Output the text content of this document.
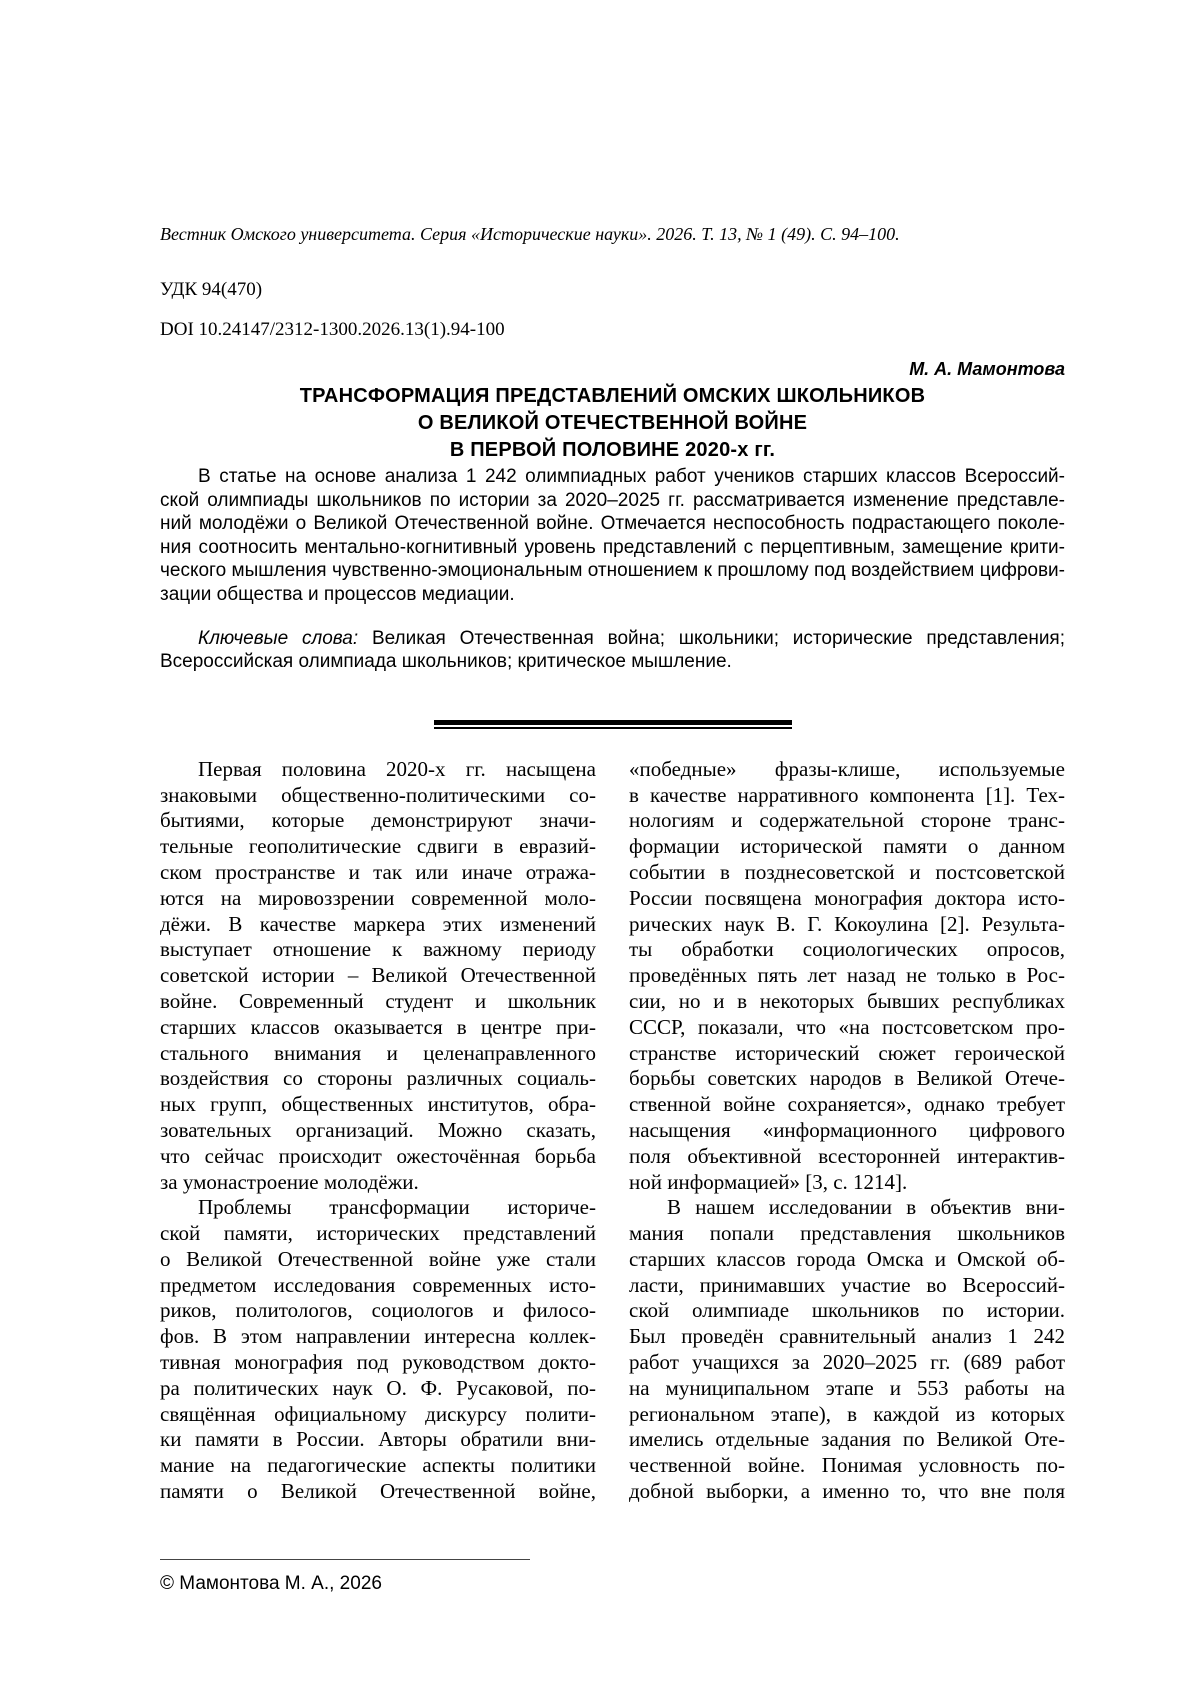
Вестник Омского университета. Серия «Исторические науки». 2026. Т. 13, № 1 (49). С. 94–100.
УДК 94(470)
DOI 10.24147/2312-1300.2026.13(1).94-100
М. А. Мамонтова
ТРАНСФОРМАЦИЯ ПРЕДСТАВЛЕНИЙ ОМСКИХ ШКОЛЬНИКОВ
О ВЕЛИКОЙ ОТЕЧЕСТВЕННОЙ ВОЙНЕ
В ПЕРВОЙ ПОЛОВИНЕ 2020-х гг.
В статье на основе анализа 1 242 олимпиадных работ учеников старших классов Всероссий-
ской олимпиады школьников по истории за 2020–2025 гг. рассматривается изменение представле-
ний молодёжи о Великой Отечественной войне. Отмечается неспособность подрастающего поколе-
ния соотносить ментально-когнитивный уровень представлений с перцептивным, замещение крити-
ческого мышления чувственно-эмоциональным отношением к прошлому под воздействием цифрови-
зации общества и процессов медиации.
Ключевые слова: Великая Отечественная война; школьники; исторические представления;
Всероссийская олимпиада школьников; критическое мышление.
Первая половина 2020-х гг. насыщена
знаковыми общественно-политическими со-
бытиями, которые демонстрируют значи-
тельные геополитические сдвиги в евразий-
ском пространстве и так или иначе отража-
ются на мировоззрении современной моло-
дёжи. В качестве маркера этих изменений
выступает отношение к важному периоду
советской истории – Великой Отечественной
войне. Современный студент и школьник
старших классов оказывается в центре при-
стального внимания и целенаправленного
воздействия со стороны различных социаль-
ных групп, общественных институтов, обра-
зовательных организаций. Можно сказать,
что сейчас происходит ожесточённая борьба
за умонастроение молодёжи.
Проблемы трансформации историче-
ской памяти, исторических представлений
о Великой Отечественной войне уже стали
предметом исследования современных исто-
риков, политологов, социологов и филосо-
фов. В этом направлении интересна коллек-
тивная монография под руководством докто-
ра политических наук О. Ф. Русаковой, по-
свящённая официальному дискурсу полити-
ки памяти в России. Авторы обратили вни-
мание на педагогические аспекты политики
памяти о Великой Отечественной войне,
«победные» фразы-клише, используемые
в качестве нарративного компонента [1]. Тех-
нологиям и содержательной стороне транс-
формации исторической памяти о данном
событии в позднесоветской и постсоветской
России посвящена монография доктора исто-
рических наук В. Г. Кокоулина [2]. Результа-
ты обработки социологических опросов,
проведённых пять лет назад не только в Рос-
сии, но и в некоторых бывших республиках
СССР, показали, что «на постсоветском про-
странстве исторический сюжет героической
борьбы советских народов в Великой Отече-
ственной войне сохраняется», однако требует
насыщения «информационного цифрового
поля объективной всесторонней интерактив-
ной информацией» [3, с. 1214].
В нашем исследовании в объектив вни-
мания попали представления школьников
старших классов города Омска и Омской об-
ласти, принимавших участие во Всероссий-
ской олимпиаде школьников по истории.
Был проведён сравнительный анализ 1 242
работ учащихся за 2020–2025 гг. (689 работ
на муниципальном этапе и 553 работы на
региональном этапе), в каждой из которых
имелись отдельные задания по Великой Оте-
чественной войне. Понимая условность по-
добной выборки, а именно то, что вне поля
© Мамонтова М. А., 2026
